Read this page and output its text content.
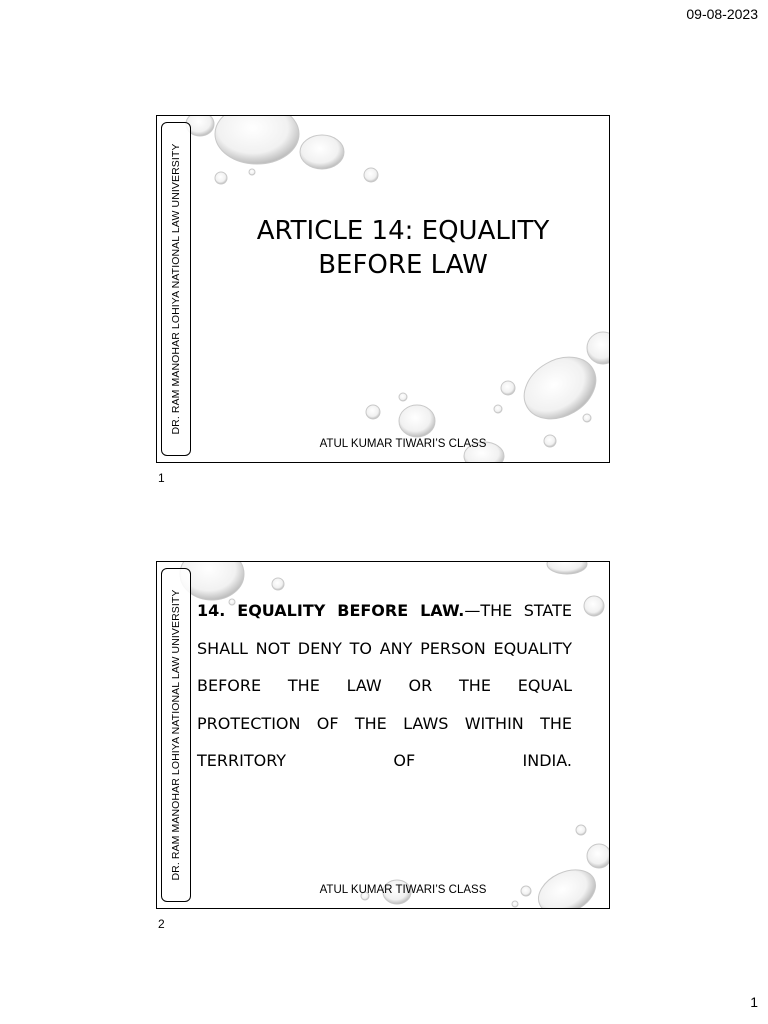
09-08-2023
DR. RAM MANOHAR LOHIYA NATIONAL LAW UNIVERSITY	ARTICLE 14: EQUALITY
BEFORE LAW
ATUL KUMAR TIWARI’S CLASS
1
DR. RAM MANOHAR LOHIYA NATIONAL LAW UNIVERSITY 14. EQUALITY BEFORE LAW.—THE STATE SHALL NOT DENY TO ANY PERSON EQUALITY BEFORE THE LAW OR THE EQUAL PROTECTION OF THE LAWS WITHIN THE TERRITORY OF INDIA.
ATUL KUMAR TIWARI’S CLASS
2
1
